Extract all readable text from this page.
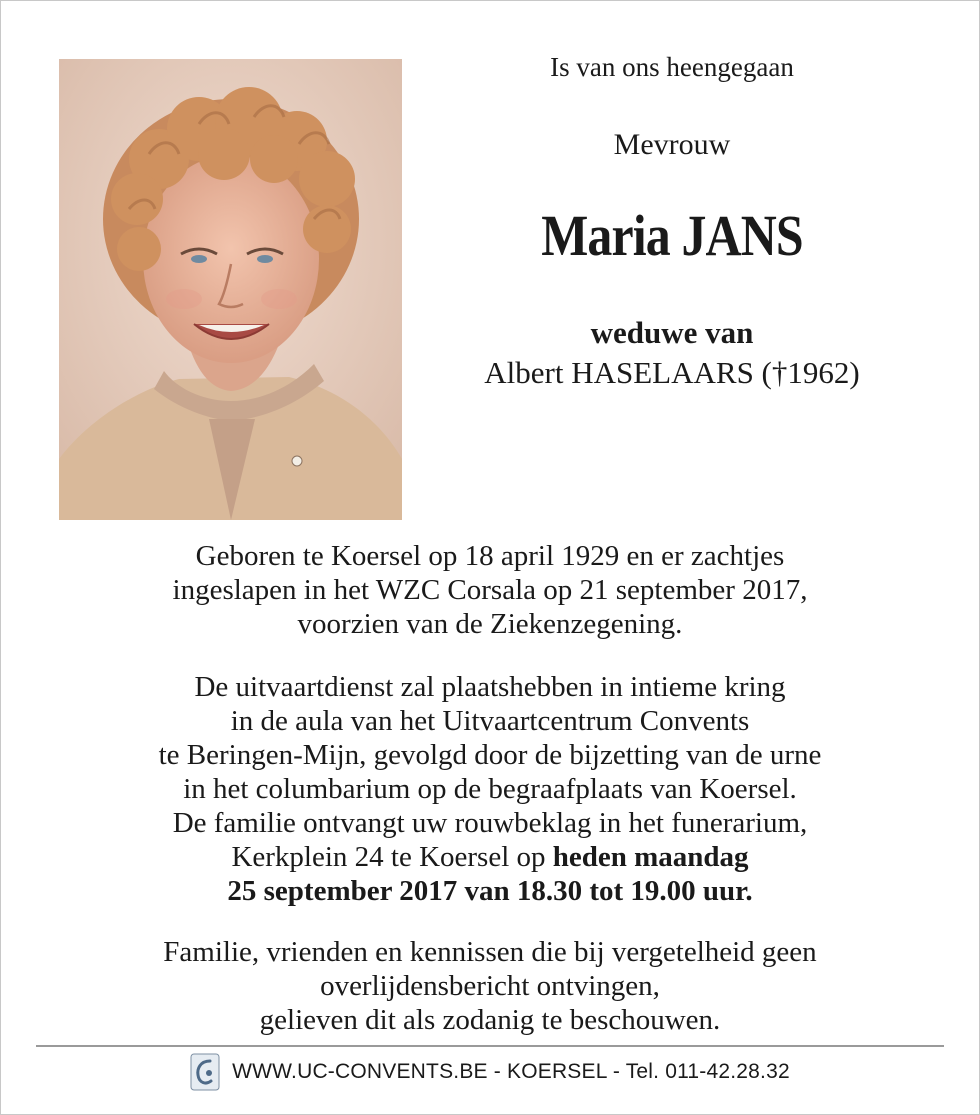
Is van ons heengegaan
Mevrouw
Maria JANS
weduwe van
Albert HASELAARS (†1962)
Geboren te Koersel op 18 april 1929 en er zachtjes
ingeslapen in het WZC Corsala op 21 september 2017,
voorzien van de Ziekenzegening.
De uitvaartdienst zal plaatshebben in intieme kring
in de aula van het Uitvaartcentrum Convents
te Beringen-Mijn, gevolgd door de bijzetting van de urne
in het columbarium op de begraafplaats van Koersel.
De familie ontvangt uw rouwbeklag in het funerarium,
Kerkplein 24 te Koersel op heden maandag
25 september 2017 van 18.30 tot 19.00 uur.
Familie, vrienden en kennissen die bij vergetelheid geen
overlijdensbericht ontvingen,
gelieven dit als zodanig te beschouwen.
WWW.UC-CONVENTS.BE - KOERSEL - Tel. 011-42.28.32
